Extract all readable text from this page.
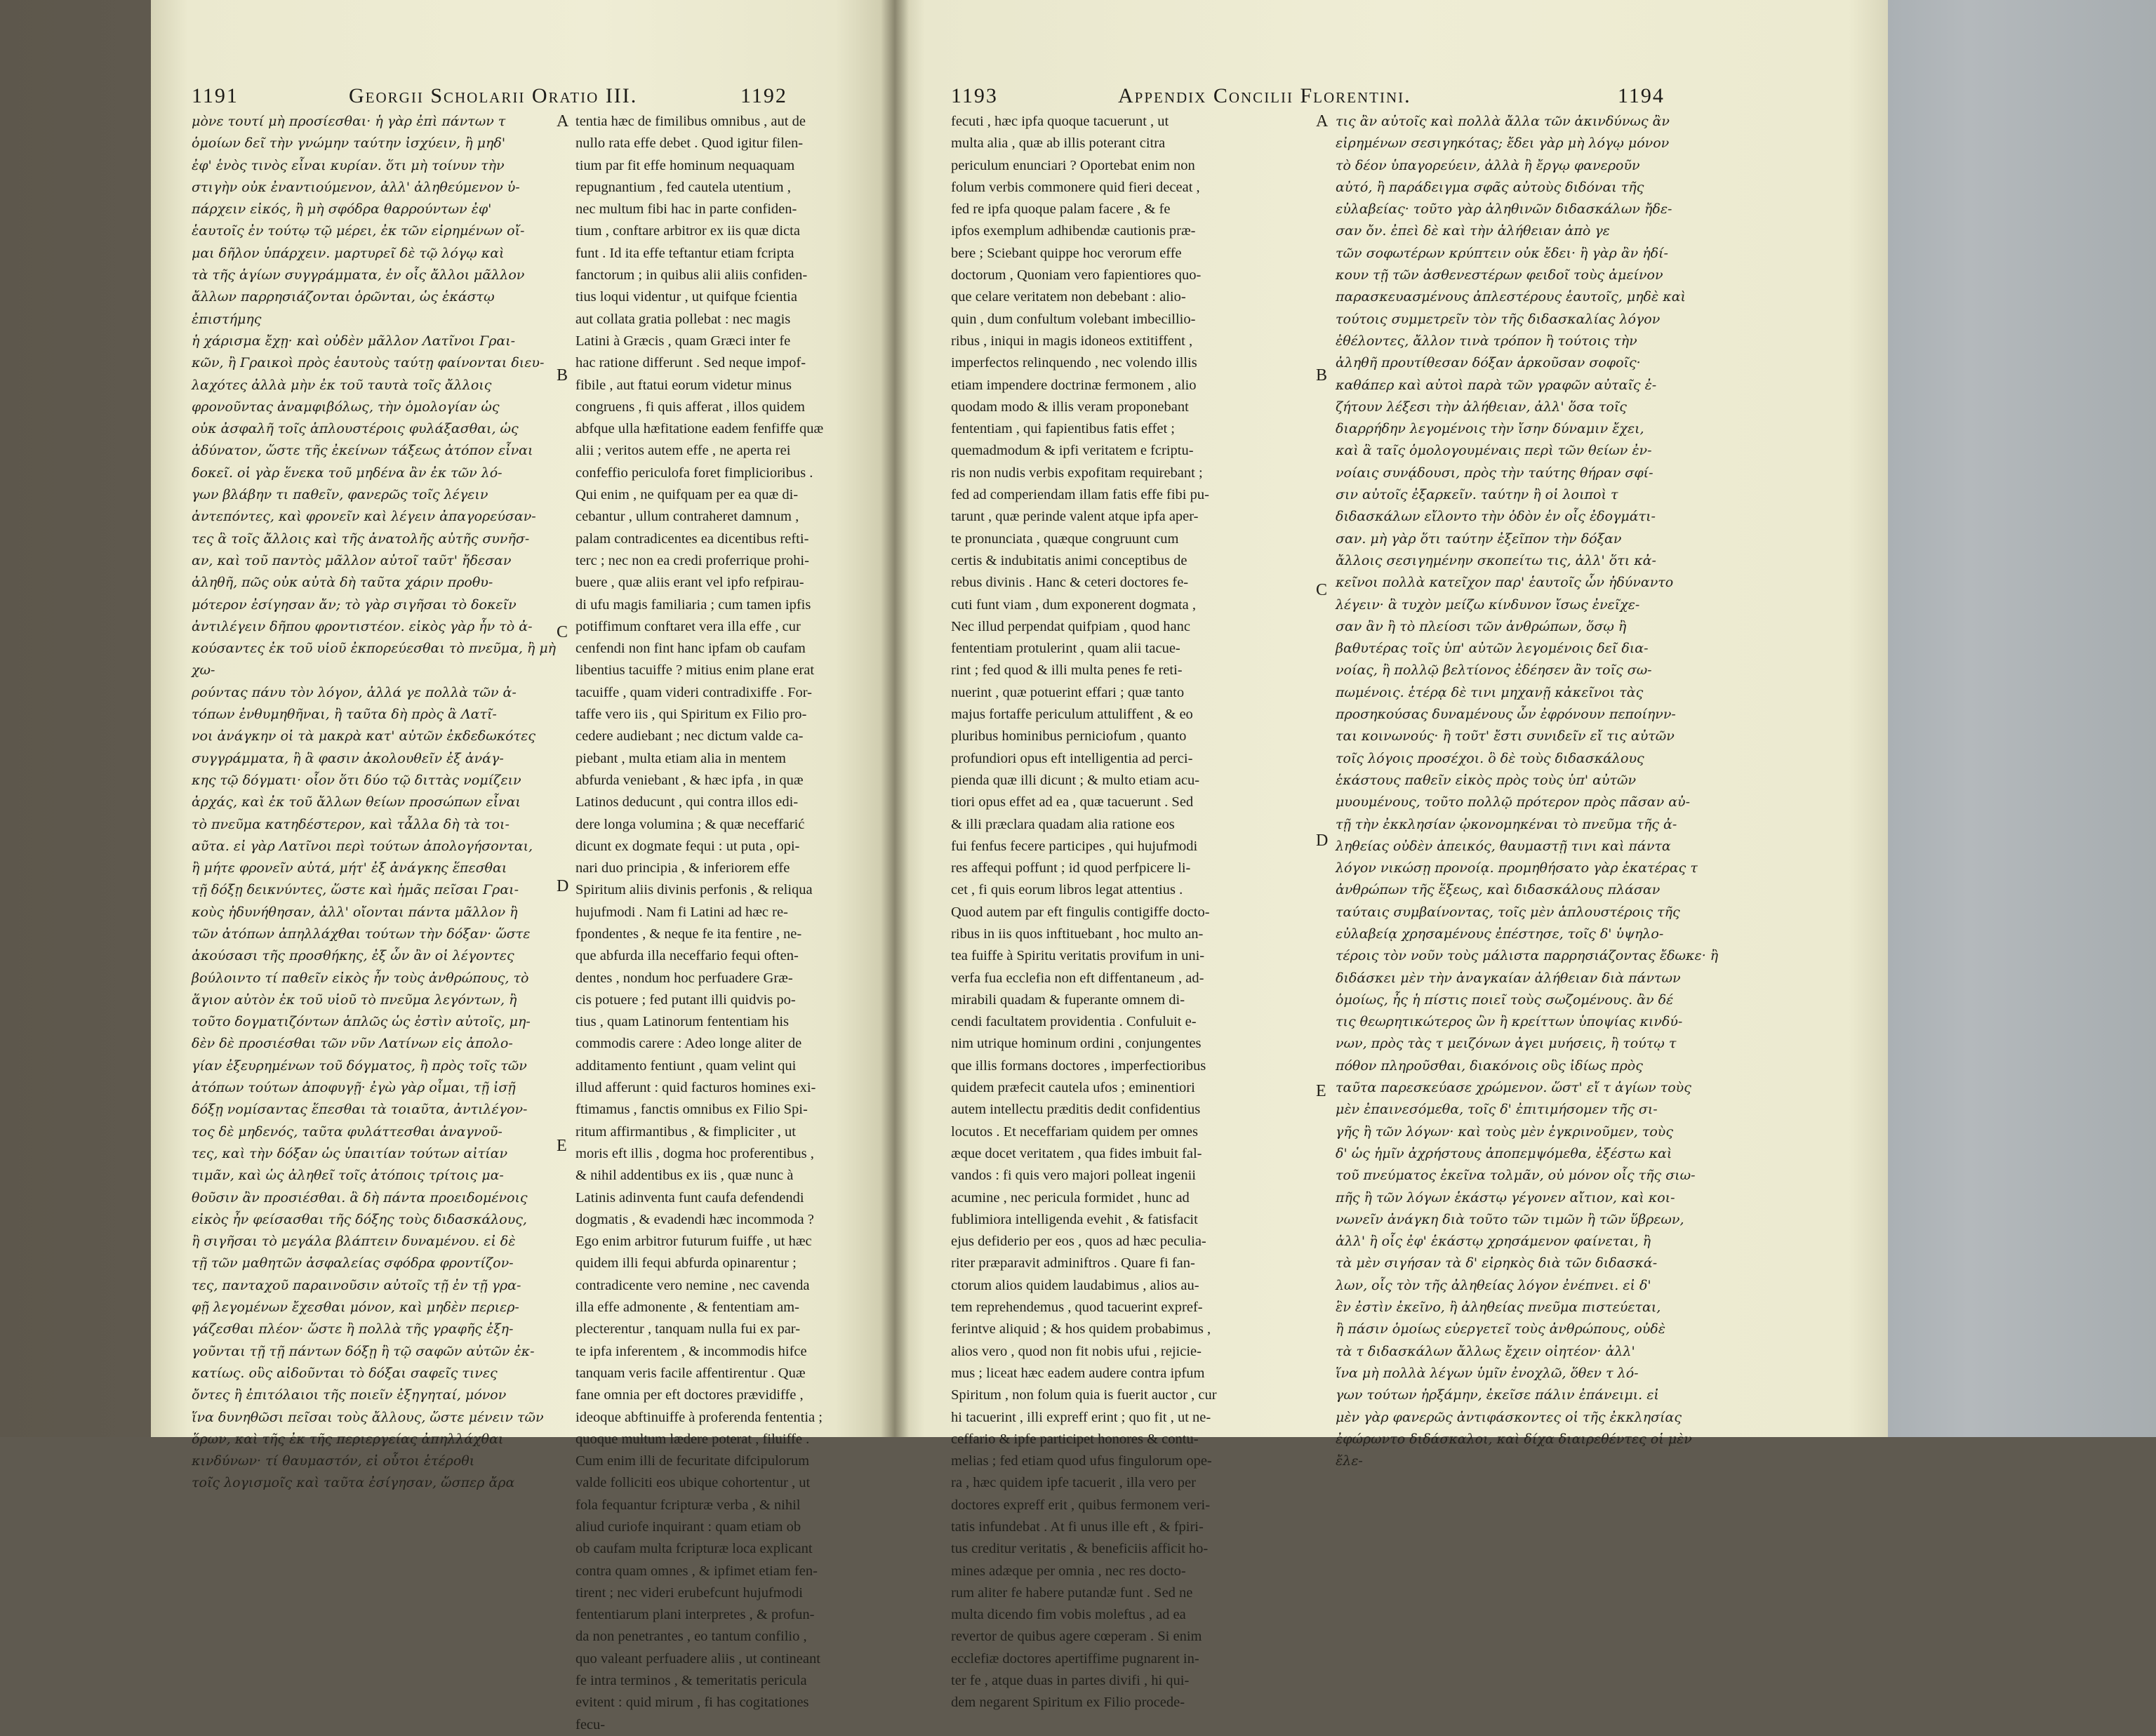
1191	Georgii Scholarii Oratio III.	1192

μὸνε τουτί μὴ προσίεσθαι· ἡ γὰρ ἐπὶ πάντων τ
ὁμοίων δεῖ τὴν γνώμην ταύτην ἰσχύειν, ἢ μηδ'
ἐφ' ἑνὸς τινὸς εἶναι κυρίαν. ὅτι μὴ τοίνυν τὴν
στιγὴν οὐκ ἐναντιούμενον, ἀλλ' ἀληθεύμενον ὑ-
πάρχειν εἰκός, ἢ μὴ σφόδρα θαρρούντων ἐφ'
ἑαυτοῖς ἐν τούτῳ τῷ μέρει, ἐκ τῶν εἰρημένων οἴ-
μαι δῆλον ὑπάρχειν. μαρτυρεῖ δὲ τῷ λόγῳ καὶ
τὰ τῆς ἁγίων συγγράμματα, ἐν οἷς ἄλλοι μᾶλλον
ἄλλων παρρησιάζονται ὁρῶνται, ὡς ἑκάστῳ ἐπιστήμης
ἡ χάρισμα ἔχῃ· καὶ οὐδὲν μᾶλλον Λατῖνοι Γραι-
κῶν, ἢ Γραικοὶ πρὸς ἑαυτοὺς ταύτῃ φαίνονται διευ-
λαχότες ἀλλὰ μὴν ἐκ τοῦ ταυτὰ τοῖς ἄλλοις
φρονοῦντας ἀναμφιβόλως, τὴν ὁμολογίαν ὡς
οὐκ ἀσφαλῆ τοῖς ἁπλουστέροις φυλάξασθαι, ὡς
ἀδύνατον, ὥστε τῆς ἐκείνων τάξεως ἀτόπον εἶναι
δοκεῖ. οἱ γὰρ ἕνεκα τοῦ μηδένα ἂν ἐκ τῶν λό-
γων βλάβην τι παθεῖν, φανερῶς τοῖς λέγειν
ἀντεπόντες, καὶ φρονεῖν καὶ λέγειν ἀπαγορεύσαν-
τες ἃ τοῖς ἄλλοις καὶ τῆς ἀνατολῆς αὐτῆς συνῆσ-
αν, καὶ τοῦ παντὸς μᾶλλον αὐτοῖ ταῦτ' ἤδεσαν
ἀληθῆ, πῶς οὐκ αὐτὰ δὴ ταῦτα χάριν προθυ-
μότερον ἐσίγησαν ἄν; τὸ γὰρ σιγῆσαι τὸ δοκεῖν
ἀντιλέγειν δῆπου φροντιστέον. εἰκὸς γὰρ ἦν τὸ ἀ-
κούσαντες ἐκ τοῦ υἱοῦ ἐκπορεύεσθαι τὸ πνεῦμα, ἢ μὴ χω-
ρούντας πάνυ τὸν λόγον, ἀλλά γε πολλὰ τῶν ἀ-
τόπων ἐνθυμηθῆναι, ἢ ταῦτα δὴ πρὸς ἃ Λατῖ-
νοι ἀνάγκην οἱ τὰ μακρὰ κατ' αὐτῶν ἐκδεδωκότες
συγγράμματα, ἢ ἃ φασιν ἀκολουθεῖν ἐξ ἀνάγ-
κης τῷ δόγματι· οἷον ὅτι δύο τῷ διττὰς νομίζειν
ἀρχάς, καὶ ἐκ τοῦ ἄλλων θείων προσώπων εἶναι
τὸ πνεῦμα κατηδέστερον, καὶ τἆλλα δὴ τὰ τοι-
αῦτα. εἰ γὰρ Λατῖνοι περὶ τούτων ἀπολογήσονται,
ἢ μήτε φρονεῖν αὐτά, μήτ' ἐξ ἀνάγκης ἕπεσθαι
τῇ δόξῃ δεικνύντες, ὥστε καὶ ἡμᾶς πεῖσαι Γραι-
κοὺς ἠδυνήθησαν, ἀλλ' οἴονται πάντα μᾶλλον ἢ
τῶν ἀτόπων ἀπηλλάχθαι τούτων τὴν δόξαν· ὥστε
ἀκούσασι τῆς προσθήκης, ἐξ ὧν ἂν οἱ λέγοντες
βούλοιντο τί παθεῖν εἰκὸς ἦν τοὺς ἀνθρώπους, τὸ
ἅγιον αὐτὸν ἐκ τοῦ υἱοῦ τὸ πνεῦμα λεγόντων, ἢ
τοῦτο δογματιζόντων ἁπλῶς ὡς ἐστὶν αὐτοῖς, μη-
δὲν δὲ προσιέσθαι τῶν νῦν Λατίνων εἰς ἀπολο-
γίαν ἐξευρημένων τοῦ δόγματος, ἢ πρὸς τοῖς τῶν
ἀτόπων τούτων ἀποφυγῇ· ἐγὼ γὰρ οἶμαι, τῇ ἰσῇ
δόξῃ νομίσαντας ἕπεσθαι τὰ τοιαῦτα, ἀντιλέγον-
τος δὲ μηδενός, ταῦτα φυλάττεσθαι ἀναγνοῦ-
τες, καὶ τὴν δόξαν ὡς ὑπαιτίαν τούτων αἰτίαν
τιμᾶν, καὶ ὡς ἀληθεῖ τοῖς ἀτόποις τρίτοις μα-
θοῦσιν ἂν προσιέσθαι. ἃ δὴ πάντα προειδομένοις
εἰκὸς ἦν φείσασθαι τῆς δόξης τοὺς διδασκάλους,
ἢ σιγῆσαι τὸ μεγάλα βλάπτειν δυναμένου. εἰ δὲ
τῇ τῶν μαθητῶν ἀσφαλείας σφόδρα φροντίζον-
τες, πανταχοῦ παραινοῦσιν αὐτοῖς τῇ ἐν τῇ γρα-
φῇ λεγομένων ἔχεσθαι μόνον, καὶ μηδὲν περιερ-
γάζεσθαι πλέον· ὥστε ἢ πολλὰ τῆς γραφῆς ἐξη-
γοῦνται τῇ τῇ πάντων δόξῃ ἢ τῷ σαφῶν αὐτῶν ἐκ-
κατίως. οὓς αἰδοῦνται τὸ δόξαι σαφεῖς τινες
ὄντες ἢ ἐπιτόλαιοι τῆς ποιεῖν ἐξηγηταί, μόνον
ἵνα δυνηθῶσι πεῖσαι τοὺς ἄλλους, ὥστε μένειν τῶν
ὅρων, καὶ τῆς ἐκ τῆς περιεργείας ἀπηλλάχθαι
κινδύνων· τί θαυμαστόν, εἰ οὗτοι ἑτέροθι
τοῖς λογισμοῖς καὶ ταῦτα ἐσίγησαν, ὥσπερ ἄρα

A
B
C
D
E

tentia hæc de fimilibus omnibus , aut de
nullo rata effe debet . Quod igitur filen-
tium par fit effe hominum nequaquam
repugnantium , fed cautela utentium ,
nec multum fibi hac in parte confiden-
tium , conftare arbitror ex iis quæ dicta
funt . Id ita effe teftantur etiam fcripta
fanctorum ; in quibus alii aliis confiden-
tius loqui videntur , ut quifque fcientia
aut collata gratia pollebat : nec magis
Latini à Græcis , quam Græci inter fe
hac ratione differunt . Sed neque impof-
fibile , aut ftatui eorum videtur minus
congruens , fi quis afferat , illos quidem
abfque ulla hæfitatione eadem fenfiffe quæ
alii ; veritos autem effe , ne aperta rei
confeffio periculofa foret fimplicioribus .
Qui enim , ne quifquam per ea quæ di-
cebantur , ullum contraheret damnum ,
palam contradicentes ea dicentibus refti-
terc ; nec non ea credi proferrique prohi-
buere , quæ aliis erant vel ipfo refpirau-
di ufu magis familiaria ; cum tamen ipfis
potiffimum conftaret vera illa effe , cur
cenfendi non fint hanc ipfam ob caufam
libentius tacuiffe ? mitius enim plane erat
tacuiffe , quam videri contradixiffe . For-
taffe vero iis , qui Spiritum ex Filio pro-
cedere audiebant ; nec dictum valde ca-
piebant , multa etiam alia in mentem
abfurda veniebant , & hæc ipfa , in quæ
Latinos deducunt , qui contra illos edi-
dere longa volumina ; & quæ neceffarić
dicunt ex dogmate fequi : ut puta , opi-
nari duo principia , & inferiorem effe
Spiritum aliis divinis perfonis , & reliqua
hujufmodi . Nam fi Latini ad hæc re-
fpondentes , & neque fe ita fentire , ne-
que abfurda illa neceffario fequi often-
dentes , nondum hoc perfuadere Græ-
cis potuere ; fed putant illi quidvis po-
tius , quam Latinorum fententiam his
commodis carere : Adeo longe aliter de
additamento fentiunt , quam velint qui
illud afferunt : quid facturos homines exi-
ftimamus , fanctis omnibus ex Filio Spi-
ritum affirmantibus , & fimpliciter , ut
moris eft illis , dogma hoc proferentibus ,
& nihil addentibus ex iis , quæ nunc à
Latinis adinventa funt caufa defendendi
dogmatis , & evadendi hæc incommoda ?
Ego enim arbitror futurum fuiffe , ut hæc
quidem illi fequi abfurda opinarentur ;
contradicente vero nemine , nec cavenda
illa effe admonente , & fententiam am-
plecterentur , tanquam nulla fui ex par-
te ipfa inferentem , & incommodis hifce
tanquam veris facile affentirentur . Quæ
fane omnia per eft doctores prævidiffe ,
ideoque abftinuiffe à proferenda fententia ;
quoque multum lædere poterat , filuiffe .
Cum enim illi de fecuritate difcipulorum
valde folliciti eos ubique cohortentur , ut
fola fequantur fcripturæ verba , & nihil
aliud curiofe inquirant : quam etiam ob
ob caufam multa fcripturæ loca explicant
contra quam omnes , & ipfimet etiam fen-
tirent ; nec videri erubefcunt hujufmodi
fententiarum plani interpretes , & profun-
da non penetrantes , eo tantum confilio ,
quo valeant perfuadere aliis , ut contineant
fe intra terminos , & temeritatis pericula
evitent : quid mirum , fi has cogitationes
fecu-

1193	Appendix Concilii Florentini.	1194

fecuti , hæc ipfa quoque tacuerunt , ut
multa alia , quæ ab illis poterant citra
periculum enunciari ? Oportebat enim non
folum verbis commonere quid fieri deceat ,
fed re ipfa quoque palam facere , & fe
ipfos exemplum adhibendæ cautionis præ-
bere ; Sciebant quippe hoc verorum effe
doctorum , Quoniam vero fapientiores quo-
que celare veritatem non debebant : alio-
quin , dum confultum volebant imbecillio-
ribus , iniqui in magis idoneos extitiffent ,
imperfectos relinquendo , nec volendo illis
etiam impendere doctrinæ fermonem , alio
quodam modo & illis veram proponebant
fententiam , qui fapientibus fatis effet ;
quemadmodum & ipfi veritatem e fcriptu-
ris non nudis verbis expofitam requirebant ;
fed ad comperiendam illam fatis effe fibi pu-
tarunt , quæ perinde valent atque ipfa aper-
te pronunciata , quæque congruunt cum
certis & indubitatis animi conceptibus de
rebus divinis . Hanc & ceteri doctores fe-
cuti funt viam , dum exponerent dogmata ,
Nec illud perpendat quifpiam , quod hanc
fententiam protulerint , quam alii tacue-
rint ; fed quod & illi multa penes fe reti-
nuerint , quæ potuerint effari ; quæ tanto
majus fortaffe periculum attuliffent , & eo
pluribus hominibus perniciofum , quanto
profundiori opus eft intelligentia ad perci-
pienda quæ illi dicunt ; & multo etiam acu-
tiori opus effet ad ea , quæ tacuerunt . Sed
& illi præclara quadam alia ratione eos
fui fenfus fecere participes , qui hujufmodi
res affequi poffunt ; id quod perfpicere li-
cet , fi quis eorum libros legat attentius .
Quod autem par eft fingulis contigiffe docto-
ribus in iis quos inftituebant , hoc multo an-
tea fuiffe à Spiritu veritatis provifum in uni-
verfa fua ecclefia non eft diffentaneum , ad-
mirabili quadam & fuperante omnem di-
cendi facultatem providentia . Confuluit e-
nim utrique hominum ordini , conjungentes
que illis formans doctores , imperfectioribus
quidem præfecit cautela ufos ; eminentiori
autem intellectu præditis dedit confidentius
locutos . Et neceffariam quidem per omnes
æque docet veritatem , qua fides imbuit fal-
vandos : fi quis vero majori polleat ingenii
acumine , nec pericula formidet , hunc ad
fublimiora intelligenda evehit , & fatisfacit
ejus defiderio per eos , quos ad hæc peculia-
riter præparavit adminiftros . Quare fi fan-
ctorum alios quidem laudabimus , alios au-
tem reprehendemus , quod tacuerint expref-
ferintve aliquid ; & hos quidem probabimus ,
alios vero , quod non fit nobis ufui , rejicie-
mus ; liceat hæc eadem audere contra ipfum
Spiritum , non folum quia is fuerit auctor , cur
hi tacuerint , illi expreff erint ; quo fit , ut ne-
ceffario & ipfe participet honores & contu-
melias ; fed etiam quod ufus fingulorum ope-
ra , hæc quidem ipfe tacuerit , illa vero per
doctores expreff erit , quibus fermonem veri-
tatis infundebat . At fi unus ille eft , & fpiri-
tus creditur veritatis , & beneficiis afficit ho-
mines adæque per omnia , nec res docto-
rum aliter fe habere putandæ funt . Sed ne
multa dicendo fim vobis moleftus , ad ea
revertor de quibus agere cœperam . Si enim
ecclefiæ doctores apertiffime pugnarent in-
ter fe , atque duas in partes divifi , hi qui-
dem negarent Spiritum ex Filio procede-

A
B
C
D
E

τις ἂν αὐτοῖς καὶ πολλὰ ἄλλα τῶν ἀκινδύνως ἂν
εἰρημένων σεσιγηκότας; ἔδει γὰρ μὴ λόγῳ μόνον
τὸ δέον ὑπαγορεύειν, ἀλλὰ ἢ ἔργῳ φανεροῦν
αὐτό, ἢ παράδειγμα σφᾶς αὐτοὺς διδόναι τῆς
εὐλαβείας· τοῦτο γὰρ ἀληθινῶν διδασκάλων ἤδε-
σαν ὄν. ἐπεὶ δὲ καὶ τὴν ἀλήθειαν ἀπὸ γε
τῶν σοφωτέρων κρύπτειν οὐκ ἔδει· ἢ γὰρ ἂν ἠδί-
κουν τῇ τῶν ἀσθενεστέρων φειδοῖ τοὺς ἀμείνον
παρασκευασμένους ἀπλεστέρους ἑαυτοῖς, μηδὲ καὶ
τούτοις συμμετρεῖν τὸν τῆς διδασκαλίας λόγον
ἐθέλοντες, ἄλλον τινὰ τρόπον ἢ τούτοις τὴν
ἀληθῆ προυτίθεσαν δόξαν ἀρκοῦσαν σοφοῖς·
καθάπερ καὶ αὐτοὶ παρὰ τῶν γραφῶν αὐταῖς ἐ-
ζήτουν λέξεσι τὴν ἀλήθειαν, ἀλλ' ὅσα τοῖς
διαρρήδην λεγομένοις τὴν ἴσην δύναμιν ἔχει,
καὶ ἃ ταῖς ὁμολογουμέναις περὶ τῶν θείων ἐν-
νοίαις συνᾴδουσι, πρὸς τὴν ταύτης θήραν σφί-
σιν αὐτοῖς ἐξαρκεῖν. ταύτην ἢ οἱ λοιποὶ τ
διδασκάλων εἴλοντο τὴν ὁδὸν ἐν οἷς ἐδογμάτι-
σαν. μὴ γὰρ ὅτι ταύτην ἐξεῖπον τὴν δόξαν
ἄλλοις σεσιγημένην σκοπείτω τις, ἀλλ' ὅτι κἀ-
κεῖνοι πολλὰ κατεῖχον παρ' ἑαυτοῖς ὧν ἠδύναντο
λέγειν· ἃ τυχὸν μείζω κίνδυνον ἴσως ἐνεῖχε-
σαν ἂν ἢ τὸ πλείοσι τῶν ἀνθρώπων, ὅσῳ ἢ
βαθυτέρας τοῖς ὑπ' αὐτῶν λεγομένοις δεῖ δια-
νοίας, ἢ πολλῷ βελτίονος ἐδέησεν ἂν τοῖς σω-
πωμένοις. ἑτέρᾳ δὲ τινι μηχανῇ κἀκεῖνοι τὰς
προσηκούσας δυναμένους ὧν ἐφρόνουν πεποίηνν-
ται κοινωνούς· ἢ τοῦτ' ἔστι συνιδεῖν εἴ τις αὐτῶν
τοῖς λόγοις προσέχοι. ὃ δὲ τοὺς διδασκάλους
ἑκάστους παθεῖν εἰκὸς πρὸς τοὺς ὑπ' αὐτῶν
μυουμένους, τοῦτο πολλῷ πρότερον πρὸς πᾶσαν αὐ-
τῇ τὴν ἐκκλησίαν ᾠκονομηκέναι τὸ πνεῦμα τῆς ἀ-
ληθείας οὐδὲν ἀπεικός, θαυμαστῇ τινι καὶ πάντα
λόγον νικώσῃ προνοίᾳ. προμηθήσατο γὰρ ἑκατέρας τ
ἀνθρώπων τῆς ἕξεως, καὶ διδασκάλους πλάσαν
ταύταις συμβαίνοντας, τοῖς μὲν ἁπλουστέροις τῆς
εὐλαβείᾳ χρησαμένους ἐπέστησε, τοῖς δ' ὑψηλο-
τέροις τὸν νοῦν τοὺς μάλιστα παρρησιάζοντας ἔδωκε· ἢ
διδάσκει μὲν τὴν ἀναγκαίαν ἀλήθειαν διὰ πάντων
ὁμοίως, ἧς ἡ πίστις ποιεῖ τοὺς σωζομένους. ἂν δέ
τις θεωρητικώτερος ὢν ἢ κρείττων ὑποψίας κινδύ-
νων, πρὸς τὰς τ μειζόνων ἀγει μυήσεις, ἢ τούτῳ τ
πόθον πληροῦσθαι, διακόνοις οὓς ἰδίως πρὸς
ταῦτα παρεσκεύασε χρώμενον. ὥστ' εἴ τ ἁγίων τοὺς
μὲν ἐπαινεσόμεθα, τοῖς δ' ἐπιτιμήσομεν τῆς σι-
γῆς ἢ τῶν λόγων· καὶ τοὺς μὲν ἐγκρινοῦμεν, τοὺς
δ' ὡς ἡμῖν ἀχρήστους ἀποπεμψόμεθα, ἐξέστω καὶ
τοῦ πνεύματος ἐκεῖνα τολμᾶν, οὐ μόνον οἷς τῆς σιω-
πῆς ἢ τῶν λόγων ἑκάστῳ γέγονεν αἴτιον, καὶ κοι-
νωνεῖν ἀνάγκη διὰ τοῦτο τῶν τιμῶν ἢ τῶν ὕβρεων,
ἀλλ' ἢ οἷς ἐφ' ἑκάστῳ χρησάμενον φαίνεται, ἢ
τὰ μὲν σιγήσαν τὰ δ' εἰρηκὸς διὰ τῶν διδασκά-
λων, οἷς τὸν τῆς ἀληθείας λόγον ἐνέπνει. εἰ δ'
ἓν ἐστὶν ἐκεῖνο, ἢ ἀληθείας πνεῦμα πιστεύεται,
ἢ πάσιν ὁμοίως εὐεργετεῖ τοὺς ἀνθρώπους, οὐδὲ
τὰ τ διδασκάλων ἄλλως ἔχειν οἰητέον· ἀλλ'
ἵνα μὴ πολλὰ λέγων ὑμῖν ἐνοχλῶ, ὅθεν τ λό-
γων τούτων ἠρξάμην, ἐκεῖσε πάλιν ἐπάνειμι. εἰ
μὲν γὰρ φανερῶς ἀντιφάσκοντες οἱ τῆς ἐκκλησίας
ἐφώρωντο διδάσκαλοι, καὶ δίχα διαιρεθέντες οἱ μὲν
ἔλε-
